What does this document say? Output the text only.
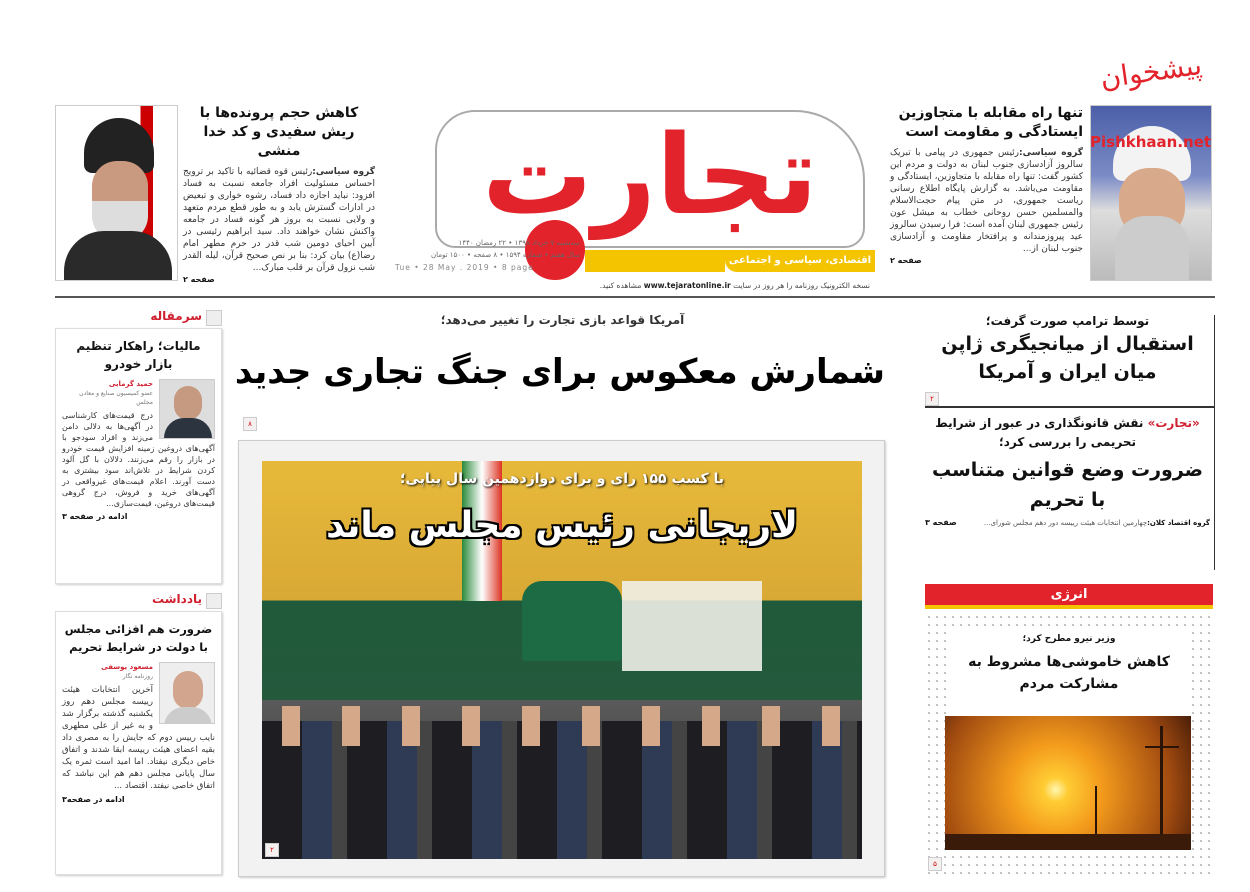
تجارت
اقتصادی، سیاسی و اجتماعی
سه‌شنبه ۷ خرداد ۱۳۹۸ • ۲۲ رمضان ۱۴۴۰
سال هفتم • شماره ۱۵۹۴ • ۸ صفحه • ۱۵۰۰ تومان
Tue • 28 May . 2019 • 8 page
نسخه الکترونیک روزنامه را هر روز در سایت www.tejaratonline.ir مشاهده کنید.
پیشخوان
Pishkhaan.net
تنها راه مقابله با متجاوزین ایستادگی و مقاومت است
گروه سیاسی:رئیس جمهوری در پیامی با تبریک سالروز آزادسازی جنوب لبنان به دولت و مردم این کشور گفت: تنها راه مقابله با متجاوزین، ایستادگی و مقاومت می‌باشد. به گزارش پایگاه اطلاع رسانی ریاست جمهوری، در متن پیام حجت‌الاسلام والمسلمین حسن روحانی خطاب به میشل عون رئیس جمهوری لبنان آمده است: فرا رسیدن سالروز عید پیروزمندانه و پرافتخار مقاومت و آزادسازی جنوب لبنان از...
صفحه ۲
کاهش حجم پرونده‌ها با ریش سفیدی و کد خدا منشی
گروه سیاسی:رئیس قوه قضائیه با تاکید بر ترویج احساس مسئولیت افراد جامعه نسبت به فساد افزود: نباید اجازه داد فساد، رشوه خواری و تبعیض در ادارات گسترش یابد و به طور قطع مردم متعهد و ولایی نسبت به بروز هر گونه فساد در جامعه واکنش نشان خواهند داد. سید ابراهیم رئیسی در آیین احیای دومین شب قدر در حرم مطهر امام رضا(ع) بیان کرد: بنا بر نص صحیح قرآن، لیله القدر شب نزول قرآن بر قلب مبارک...
صفحه ۲
سرمقاله
مالیات؛ راهکار تنظیم بازار خودرو
حمید گرمابی
عضو کمیسیون صنایع و معادن مجلس
درج قیمت‌های کارشناسی در آگهی‌ها به دلالی دامن می‌زند و افراد سودجو با آگهی‌های دروغین زمینه افزایش قیمت خودرو در بازار را رقم می‌زنند. دلالان با گل آلود کردن شرایط در تلاش‌اند سود بیشتری به دست آورند. اعلام قیمت‌های غیرواقعی در آگهی‌های خرید و فروش، درج گروهی قیمت‌های دروغین، قیمت‌سازی...
ادامه در صفحه ۳
یادداشت
ضرورت هم افزائی مجلس با دولت در شرایط تحریم
مسعود یوسفی
روزنامه نگار
آخرین انتخابات هیئت رییسه مجلس دهم روز یکشنبه گذشته برگزار شد و به غیر از علی مطهری نایب رییس دوم که جایش را به مصری داد بقیه اعضای هیئت رییسه ابقا شدند و اتفاق خاص دیگری نیفتاد. اما امید است ثمره یک سال پایانی مجلس دهم هم این نباشد که اتفاق خاصی نیفتد. اقتصاد ...
ادامه در صفحه۳
آمریکا قواعد بازی تجارت را تغییر می‌دهد؛
شمارش معکوس برای جنگ تجاری جدید
۸
با کسب ۱۵۵ رای و برای دوازدهمین سال پیاپی؛
لاریجانی رئیس مجلس ماند
۲
توسط ترامپ صورت گرفت؛
استقبال از میانجیگری ژاپن میان ایران و آمریکا
۲
«تجارت» نقش قانونگذاری در عبور از شرایط تحریمی را بررسی کرد؛
ضرورت وضع قوانین متناسب با تحریم
گروه اقتصاد کلان:چهارمین انتخابات هیئت رییسه دور دهم مجلس شورای...
صفحه ۳
انرژی
وزیر نیرو مطرح کرد؛
کاهش خاموشی‌ها مشروط به مشارکت مردم
۵
